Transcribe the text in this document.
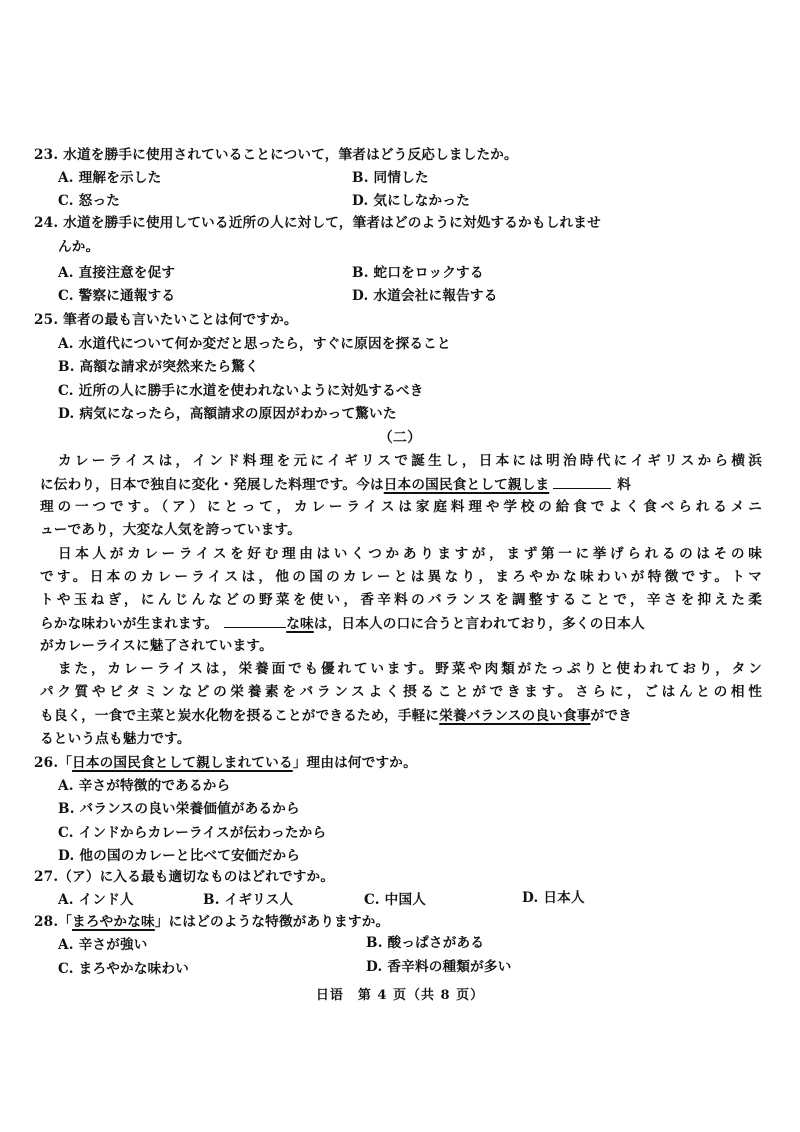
23. 水道を勝手に使用されていることについて，筆者はどう反応しましたか。
A. 理解を示した	B. 同情した
C. 怒った	D. 気にしなかった
24. 水道を勝手に使用している近所の人に対して，筆者はどのように対処するかもしれませ
んか。
A. 直接注意を促す	B. 蛇口をロックする
C. 警察に通報する	D. 水道会社に報告する
25. 筆者の最も言いたいことは何ですか。
A. 水道代について何か変だと思ったら，すぐに原因を探ること
B. 高額な請求が突然来たら驚く
C. 近所の人に勝手に水道を使われないように対処するべき
D. 病気になったら，高額請求の原因がわかって驚いた
（二）
カレーライスは，インド料理を元にイギリスで誕生し，日本には明治時代にイギリスから横浜
に伝わり，日本で独自に変化・発展した料理です。今は日本の国民食として親しま	料
理の一つです。（ア）にとって，カレーライスは家庭料理や学校の給食でよく食べられるメニ
ューであり，大変な人気を誇っています。
日本人がカレーライスを好む理由はいくつかありますが，まず第一に挙げられるのはその味
です。日本のカレーライスは，他の国のカレーとは異なり，まろやかな味わいが特徴です。トマ
トや玉ねぎ，にんじんなどの野菜を使い，香辛料のバランスを調整することで，辛さを抑えた柔
らかな味わいが生まれます。	な味は，日本人の口に合うと言われており，多くの日本人
がカレーライスに魅了されています。
また，カレーライスは，栄養面でも優れています。野菜や肉類がたっぷりと使われており，タン
パク質やビタミンなどの栄養素をバランスよく摂ることができます。さらに，ごはんとの相性
も良く，一食で主菜と炭水化物を摂ることができるため，手軽に栄養バランスの良い食事ができ
るという点も魅力です。
26.「日本の国民食として親しまれている」理由は何ですか。
A. 辛さが特徴的であるから
B. バランスの良い栄養価値があるから
C. インドからカレーライスが伝わったから
D. 他の国のカレーと比べて安価だから
27.（ア）に入る最も適切なものはどれですか。
A. インド人	B. イギリス人	C. 中国人	D. 日本人
28.「まろやかな味」にはどのような特徴がありますか。
A. 辛さが強い	B. 酸っぱさがある
C. まろやかな味わい	D. 香辛料の種類が多い
日语　第 4 页（共 8 页）
